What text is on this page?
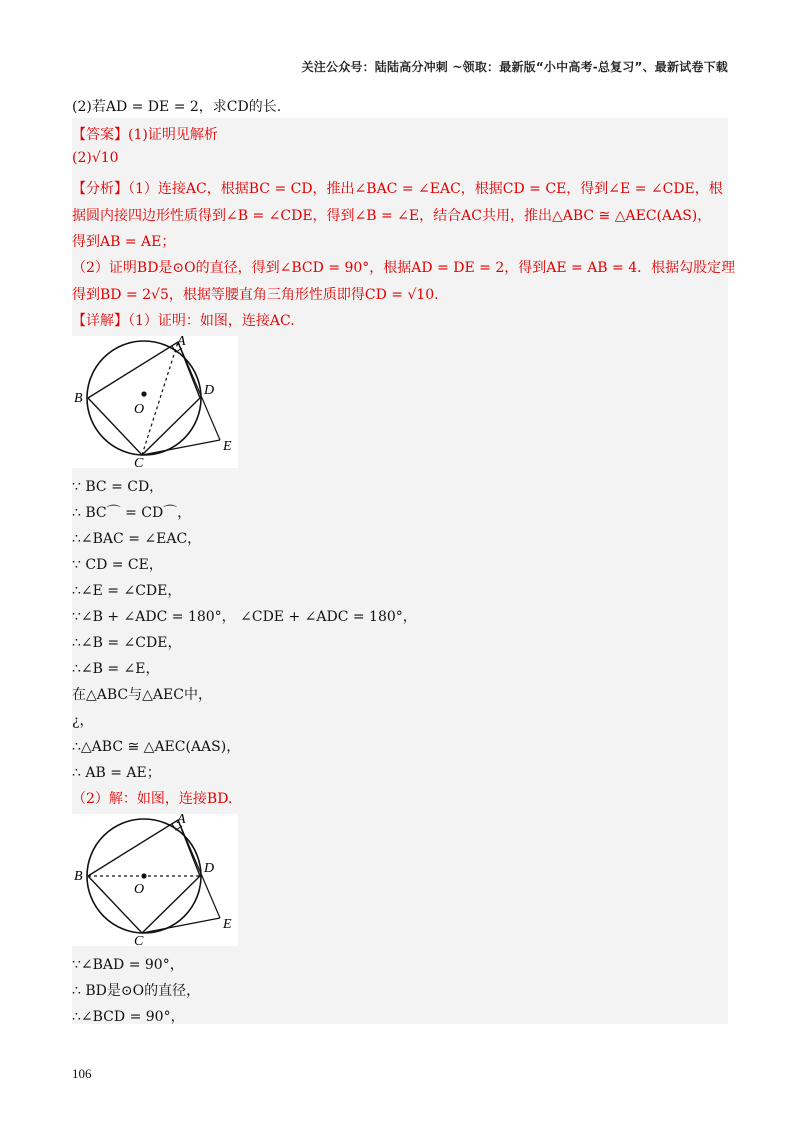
关注公众号：陆陆高分冲刺 ~领取：最新版“小中高考-总复习”、最新试卷下载
(2)若AD = DE = 2，求CD的长.
【答案】(1)证明见解析
(2)√10
【分析】（1）连接AC，根据BC = CD，推出∠BAC = ∠EAC，根据CD = CE，得到∠E = ∠CDE，根
据圆内接四边形性质得到∠B = ∠CDE，得到∠B = ∠E，结合AC共用，推出△ABC ≅ △AEC(AAS)，
得到AB = AE；
（2）证明BD是⊙O的直径，得到∠BCD = 90°，根据AD = DE = 2，得到AE = AB = 4．根据勾股定理
得到BD = 2√5，根据等腰直角三角形性质即得CD = √10.
【详解】（1）证明：如图，连接AC.
A
B
C
D
E
O
∵ BC = CD，
∴ BC⌒ = CD⌒，
∴∠BAC = ∠EAC，
∵ CD = CE，
∴∠E = ∠CDE，
∵∠B + ∠ADC = 180°， ∠CDE + ∠ADC = 180°，
∴∠B = ∠CDE，
∴∠B = ∠E，
在△ABC与△AEC中，
¿，
∴△ABC ≅ △AEC(AAS)，
∴ AB = AE；
（2）解：如图，连接BD.
A
B
C
D
E
O
∵∠BAD = 90°，
∴ BD是⊙O的直径，
∴∠BCD = 90°，
106
